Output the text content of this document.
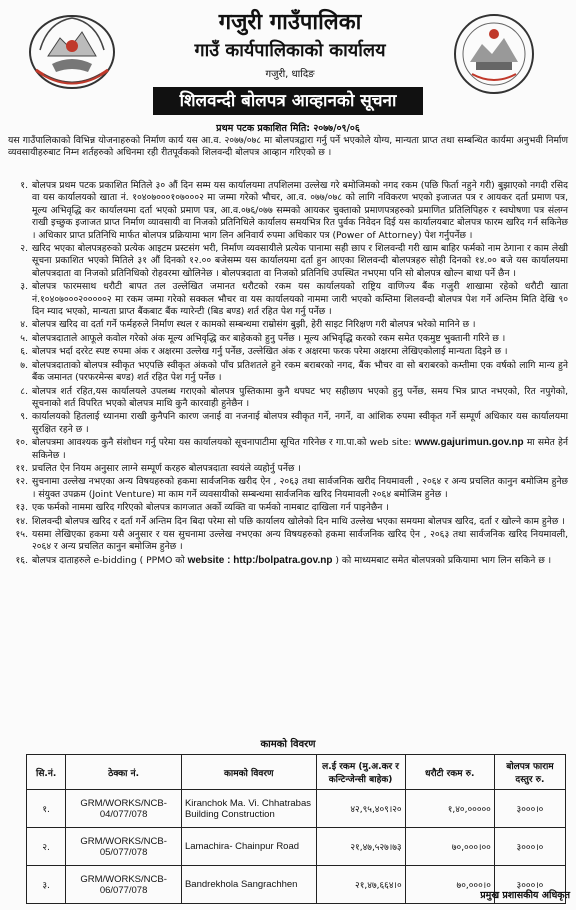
गजुरी गाउँपालिका
गाउँ कार्यपालिकाको कार्यालय
गजुरी, धादिङ
शिलवन्दी बोलपत्र आव्हानको सूचना
प्रथम पटक प्रकाशित मिति: २०७७/०९/०६
यस गाउँपालिकाको विभिन्न योजनाहरुको निर्माण कार्य यस आ.व. २०७७/०७८ मा बोलपत्रद्वारा गर्नु पर्ने भएकोले योग्य, मान्यता प्राप्त तथा सम्बन्धित कार्यमा अनुभवी निर्माण व्यवसायीहरुबाट निम्न शर्तहरुको अधिनमा रही रीतपूर्वकको शिलवन्दी बोलपत्र आव्हान गरिएको छ ।
१. बोलपत्र प्रथम पटक प्रकाशित मितिले ३० औं दिन सम्म यस कार्यालयमा तपशिलमा उल्लेख गरे बमोजिमको नगद रकम (पछि फिर्ता नहुने गरी) बुझाएको नगदी रसिद वा यस कार्यालयको खाता नं. १०४०७०००१०७०००२ मा जम्मा गरेको भौचर, आ.व. ०७७/०७८ को लागि नविकरण भएको इजाजत पत्र र आयकर दर्ता प्रमाण पत्र, मूल्य अभिवृद्धि कर कार्यालयमा दर्ता भएको प्रमाण पत्र, आ.व.०७६/०७७ सम्मको आयकर चुक्ताको प्रमाणपत्रहरुको प्रमाणित प्रतिलिपिहरु र स्वघोषणा पत्र संलग्न राखी इच्छुक इजाजत प्राप्त निर्माण व्यावसायी वा निजको प्रतिनिधिले कार्यालय समयभित्र रित पुर्वक निवेदन दिई यस कार्यालयबाट बोलपत्र फारम खरिद गर्न सकिनेछ । अधिकार प्राप्त प्रतिनिधि मार्फत बोलपत्र प्रक्रियामा भाग लिन अनिवार्य रुपमा अधिकार पत्र (Power of Attorney) पेश गर्नुपर्नेछ ।
२. खरिद भएका बोलपत्रहरुको प्रत्येक आइटम प्रस्टसंग भरी, निर्माण व्यवसायीले प्रत्येक पानामा सही छाप र शिलवन्दी गरी खाम बाहिर फर्मको नाम ठेगाना र काम लेखी सूचना प्रकाशित भएको मितिले ३१ औं दिनको १२.०० बजेसम्म यस कार्यालयमा दर्ता हुन आएका शिलवन्दी बोलपत्रहरु सोही दिनको १४.०० बजे यस कार्यालयमा बोलपत्रदाता वा निजको प्रतिनिधिको रोहवरमा खोलिनेछ । बोलपत्रदाता वा निजको प्रतिनिधि उपस्थित नभएमा पनि सो बोलपत्र खोल्न बाधा पर्ने छैन ।
३. बोलपत्र फारमसाथ धरौटी बापत तल उल्लेखित जमानत धरौटको रकम यस कार्यालयको राष्ट्रिय वाणिज्य बैंक गजुरी शाखामा रहेको धरौटी खाता नं.१०४०७०००२०००००२ मा रकम जम्मा गरेको सक्कल भौचर वा यस कार्यालयको नाममा जारी भएको कम्तिमा शिलवन्दी बोलपत्र पेश गर्ने अन्तिम मिति देखि ९० दिन म्याद भएको, मान्यता प्राप्त बैंकबाट बैंक ग्यारेन्टी (बिड बण्ड) शर्त रहित पेश गर्नु पर्नेछ ।
४. बोलपत्र खरिद वा दर्ता गर्ने फर्महरुले निर्माण स्थल र कामको सम्बन्धमा राम्रोसंग बुझी, हेरी साइट निरिक्षण गरी बोलपत्र भरेको मानिने छ ।
५. बोलपत्रदाताले आफूले कवोल गरेको अंक मूल्य अभिवृद्धि कर बाहेकको हुनु पर्नेछ । मूल्य अभिवृद्धि करको रकम समेत एकमुष्ट भुक्तानी गरिने छ ।
६. बोलपत्र भर्दा दररेट स्पष्ट रुपमा अंक र अक्षरमा उल्लेख गर्नु पर्नेछ, उल्लेखित अंक र अक्षरमा फरक परेमा अक्षरमा लेखिएकोलाई मान्यता दिइने छ ।
७. बोलपत्रदाताको बोलपत्र स्वीकृत भएपछि स्वीकृत अंकको पाँच प्रतिशतले हुने रकम बराबरको नगद, बैंक भौचर वा सो बराबरको कम्तीमा एक वर्षको लागि मान्य हुने बैंक जमानत (परफरमेन्स बण्ड) शर्त रहित पेश गर्नु पर्नेछ ।
८. बोलपत्र शर्त रहित,यस कार्यालयले उपलब्ध गराएको बोलपत्र पुस्तिकामा कुनै थपघट भए सहीछाप भएको हुनु पर्नेछ, समय भित्र प्राप्त नभएको, रित नपुगेको, सूचनाको शर्त विपरित भएको बोलपत्र माथि कुनै कारवाही हुनेछैन ।
९. कार्यालयको हितलाई ध्यानमा राखी कुनैपनि कारण जनाई वा नजनाई बोलपत्र स्वीकृत गर्ने, नगर्ने, वा आंशिक रुपमा स्वीकृत गर्ने सम्पूर्ण अधिकार यस कार्यालयमा सुरक्षित रहने छ ।
१०. बोलपत्रमा आवश्यक कुनै संशोधन गर्नु परेमा यस कार्यालयको सूचनापाटीमा सूचित गरिनेछ र गा.पा.को web site: www.gajurimun.gov.np मा समेत हेर्न सकिनेछ ।
११. प्रचलित ऐन नियम अनुसार लाग्ने सम्पूर्ण करहरु बोलपत्रदाता स्वयंले व्यहोर्नु पर्नेछ ।
१२. सुचनामा उल्लेख नभएका अन्य विषयहरुको हकमा सार्वजनिक खरीद ऐन , २०६३ तथा सार्वजनिक खरीद नियमावली , २०६४ र अन्य प्रचलित कानुन बमोजिम हुनेछ । संयुक्त उपक्रम (Joint Venture) मा काम गर्ने व्यवसायीको सम्बन्धमा सार्वजनिक खरिद नियमावली २०६४ बमोजिम हुनेछ ।
१३. एक फर्मको नाममा खरिद गरिएको बोलपत्र कागजात अर्को व्यक्ति वा फर्मको नामबाट दाखिला गर्न पाइनेछैन ।
१४. शिलवन्दी बोलपत्र खरिद र दर्ता गर्ने अन्तिम दिन बिदा परेमा सो पछि कार्यालय खोलेको दिन माथि उल्लेख भएका समयमा बोलपत्र खरिद, दर्ता र खोल्ने काम हुनेछ ।
१५. यसमा लेखिएका हकमा यसै अनुसार र यस सुचनामा उल्लेख नभएका अन्य विषयहरुको हकमा सार्वजनिक खरिद ऐन , २०६३ तथा सार्वजनिक खरिद नियमावली, २०६४ र अन्य प्रचलित कानुन बमोजिम हुनेछ ।
१६. बोलपत्र दाताहरुले e-bidding ( PPMO को website : http:/bolpatra.gov.np ) को माध्यमबाट समेत बोलपत्रको प्रकियामा भाग लिन सकिने छ ।
कामको विवरण
सि.नं.	ठेक्का नं.	कामको विवरण	ल.ई रकम (मु.अ.कर र कन्टिन्जेन्सी बाहेक)	धरौटी रकम रु.	बोलपत्र फाराम दस्तुर रु.
१.	GRM/WORKS/NCB-04/077/078	Kiranchok Ma. Vi. Chhatrabas Building Construction	४२,९५,४०९।२०	१,४०,०००००	३०००।०
२.	GRM/WORKS/NCB-05/077/078	Lamachira- Chainpur Road	२१,४७,५२७।७३	७०,०००।००	३०००।०
३.	GRM/WORKS/NCB-06/077/078	Bandrekhola Sangrachhen	२१,४७,६६४।०	७०,०००।०	३०००।०
प्रमुख प्रशासकीय अधिकृत
